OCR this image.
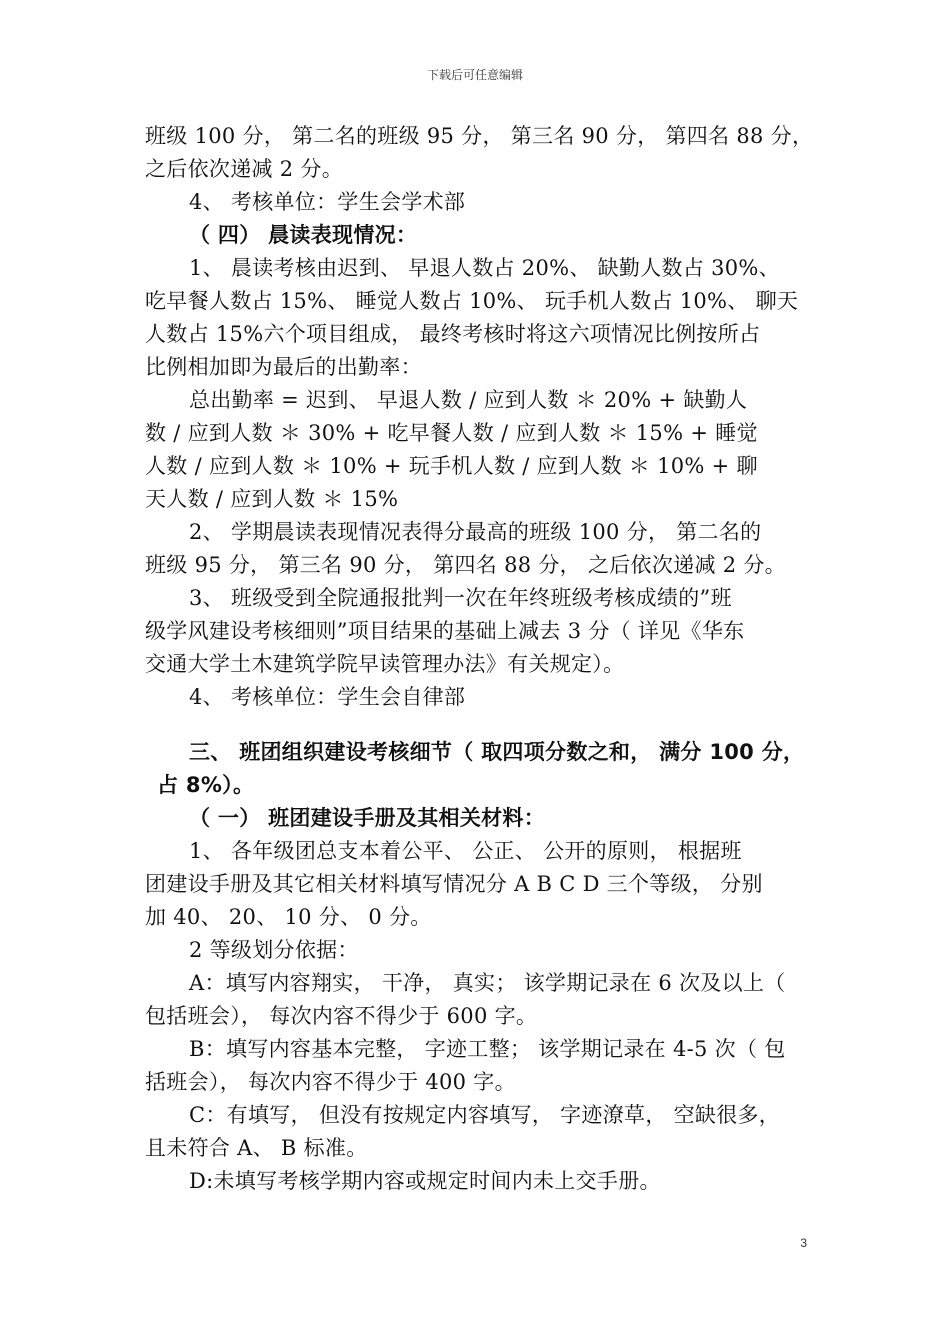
下载后可任意编辑
班级 100 分， 第二名的班级 95 分， 第三名 90 分， 第四名 88 分，
之后依次递减 2 分。
4、 考核单位：学生会学术部
（ 四） 晨读表现情况：
1、 晨读考核由迟到、 早退人数占 20%、 缺勤人数占 30%、
吃早餐人数占 15%、 睡觉人数占 10%、 玩手机人数占 10%、 聊天
人数占 15%六个项目组成， 最终考核时将这六项情况比例按所占
比例相加即为最后的出勤率：
总出勤率 = 迟到、 早退人数 / 应到人数 ＊ 20% + 缺勤人
数 / 应到人数 ＊ 30% + 吃早餐人数 / 应到人数 ＊ 15% + 睡觉
人数 / 应到人数 ＊ 10% + 玩手机人数 / 应到人数 ＊ 10% + 聊
天人数 / 应到人数 ＊ 15%
2、 学期晨读表现情况表得分最高的班级 100 分， 第二名的
班级 95 分， 第三名 90 分， 第四名 88 分， 之后依次递减 2 分。
3、 班级受到全院通报批判一次在年终班级考核成绩的”班
级学风建设考核细则”项目结果的基础上减去 3 分（ 详见《华东
交通大学土木建筑学院早读管理办法》有关规定）。
4、 考核单位：学生会自律部
三、 班团组织建设考核细节（ 取四项分数之和， 满分 100 分，
占 8%）。
（ 一） 班团建设手册及其相关材料：
1、 各年级团总支本着公平、 公正、 公开的原则， 根据班
团建设手册及其它相关材料填写情况分 A B C D 三个等级， 分别
加 40、 20、 10 分、 0 分。
2 等级划分依据：
A：填写内容翔实， 干净， 真实； 该学期记录在 6 次及以上（
包括班会）， 每次内容不得少于 600 字。
B：填写内容基本完整， 字迹工整； 该学期记录在 4-5 次（ 包
括班会）， 每次内容不得少于 400 字。
C：有填写， 但没有按规定内容填写， 字迹潦草， 空缺很多，
且未符合 A、 B 标准。
D:未填写考核学期内容或规定时间内未上交手册。
3
